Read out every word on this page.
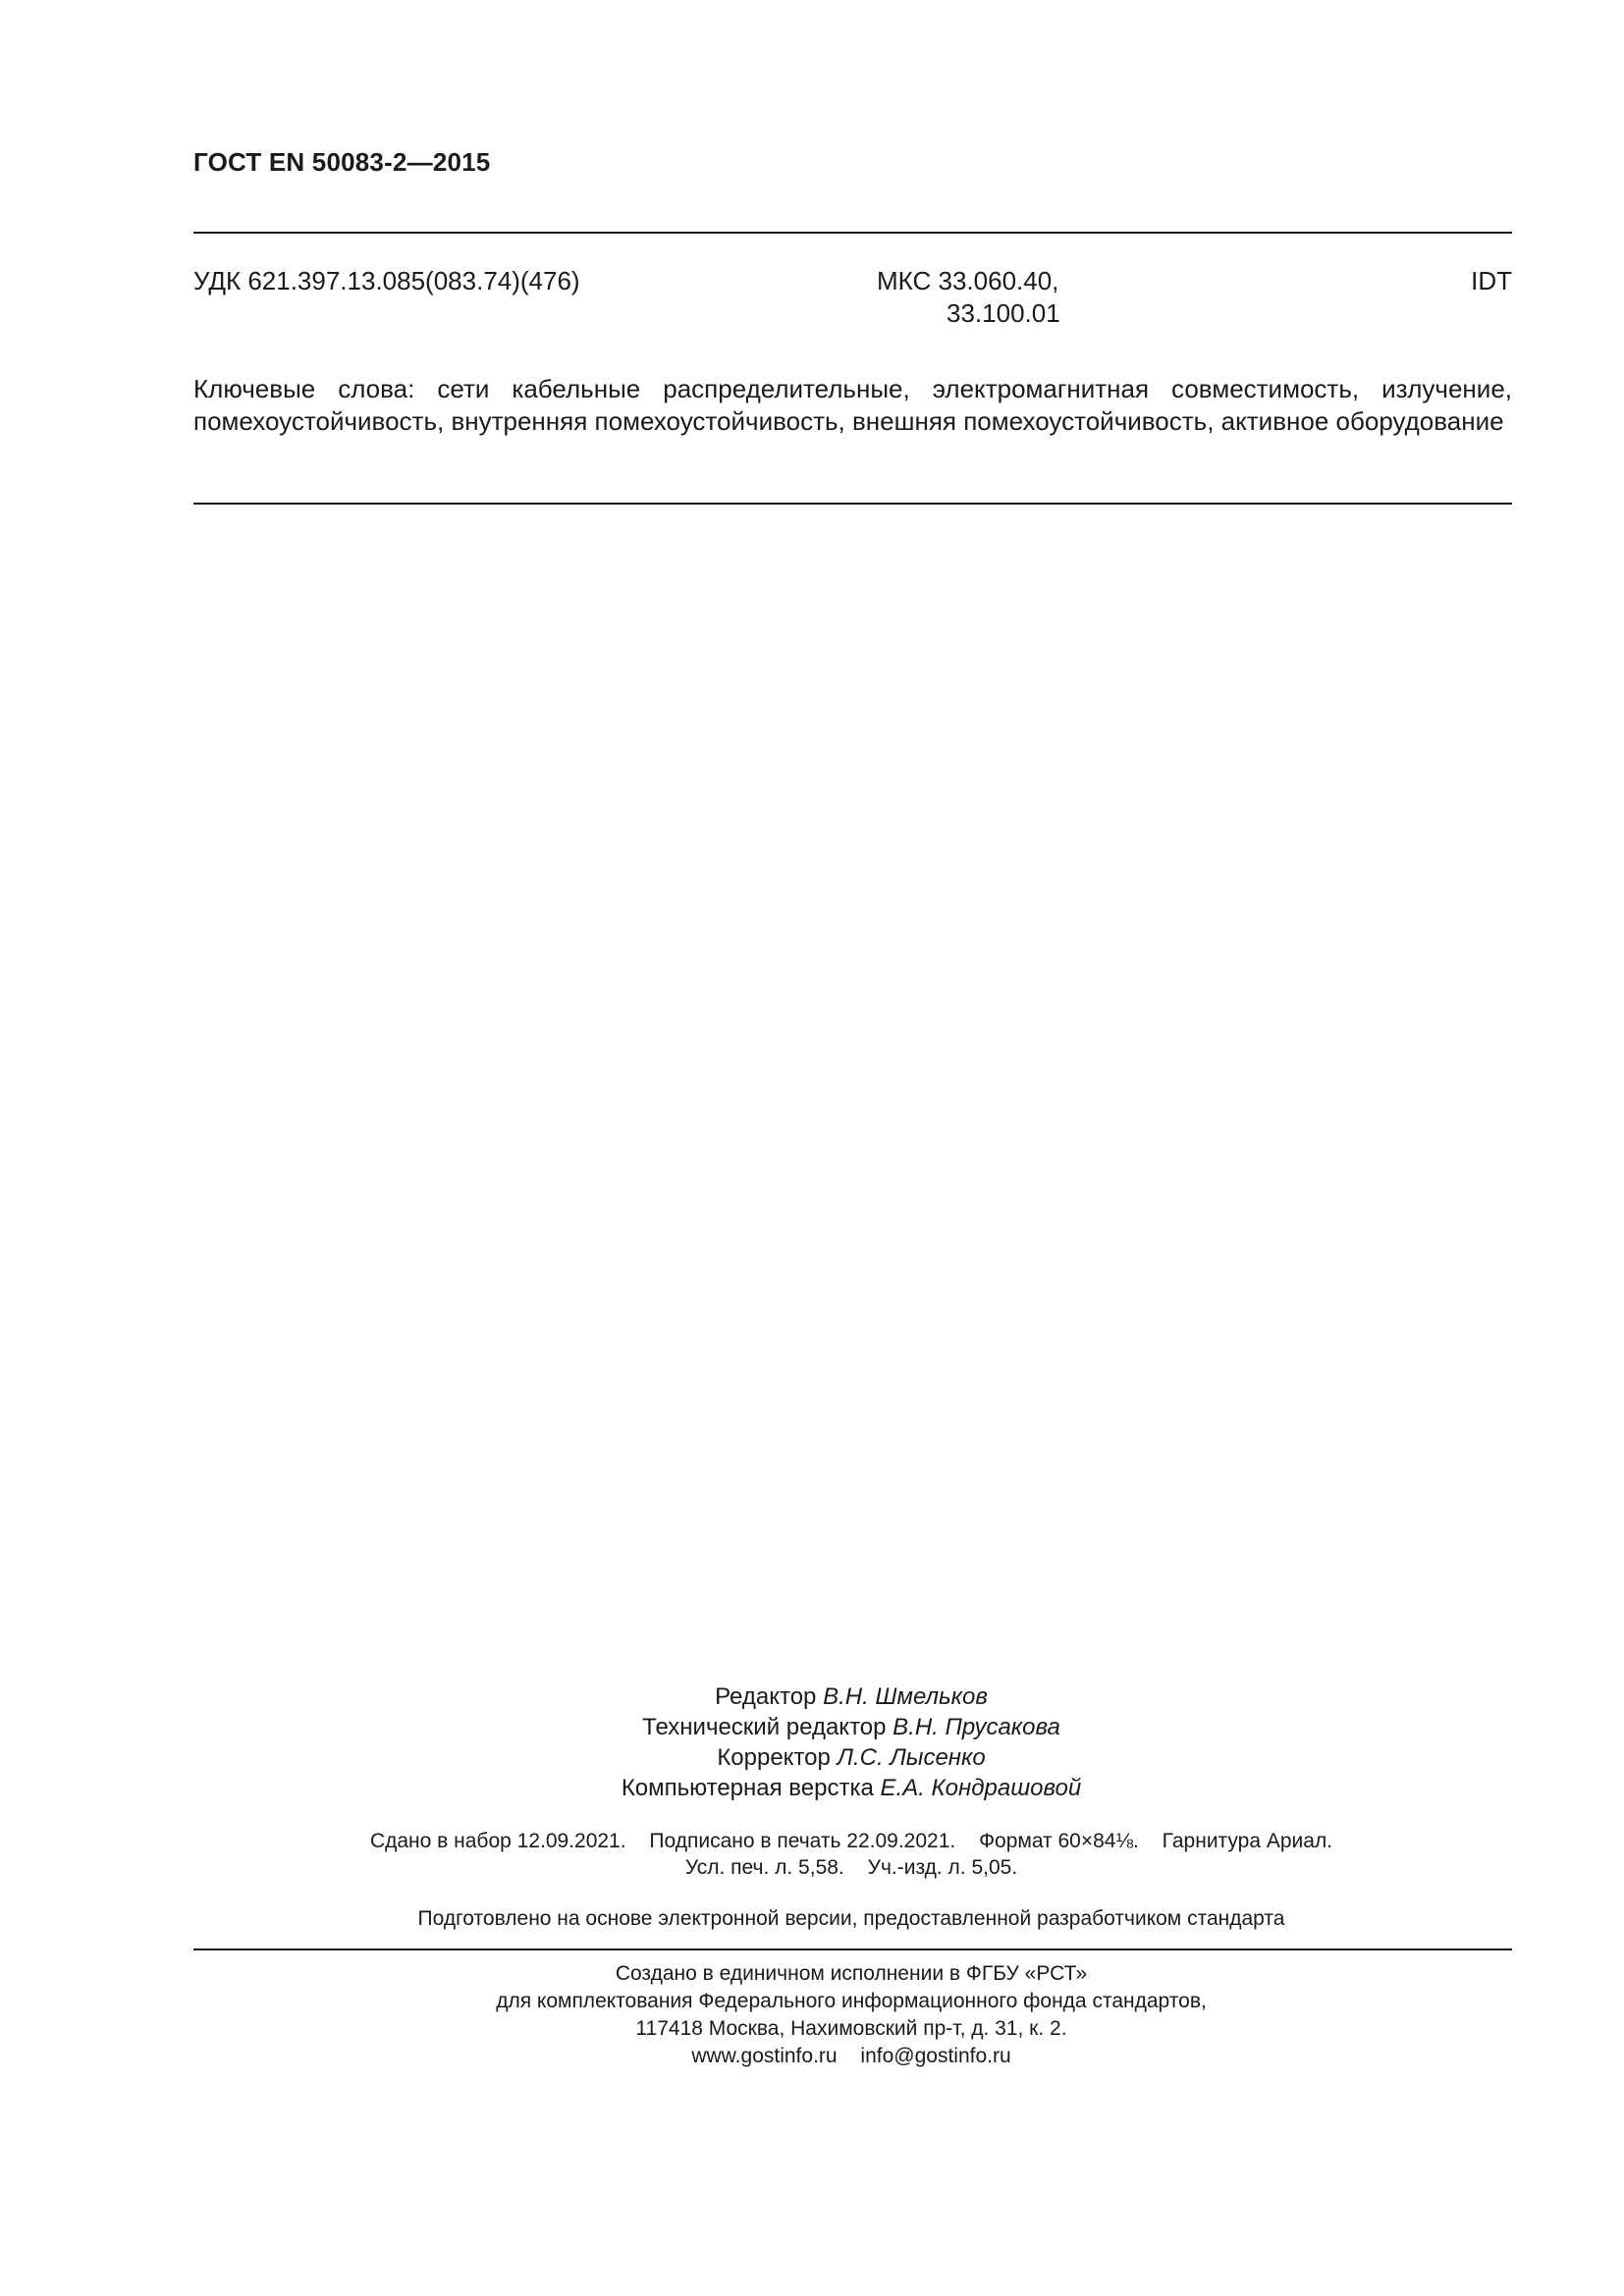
ГОСТ EN 50083-2—2015
УДК 621.397.13.085(083.74)(476)	МКС 33.060.40,
33.100.01
IDT
Ключевые слова: сети кабельные распределительные, электромагнитная совместимость, излучение, помехоустойчивость, внутренняя помехоустойчивость, внешняя помехоустойчивость, активное оборудование
Редактор В.Н. Шмельков
Технический редактор В.Н. Прусакова
Корректор Л.С. Лысенко
Компьютерная верстка Е.А. Кондрашовой
Сдано в набор 12.09.2021. Подписано в печать 22.09.2021. Формат 60×84⅛. Гарнитура Ариал.
Усл. печ. л. 5,58. Уч.-изд. л. 5,05.
Подготовлено на основе электронной версии, предоставленной разработчиком стандарта
Создано в единичном исполнении в ФГБУ «РСТ»
для комплектования Федерального информационного фонда стандартов,
117418 Москва, Нахимовский пр-т, д. 31, к. 2.
www.gostinfo.ru info@gostinfo.ru
